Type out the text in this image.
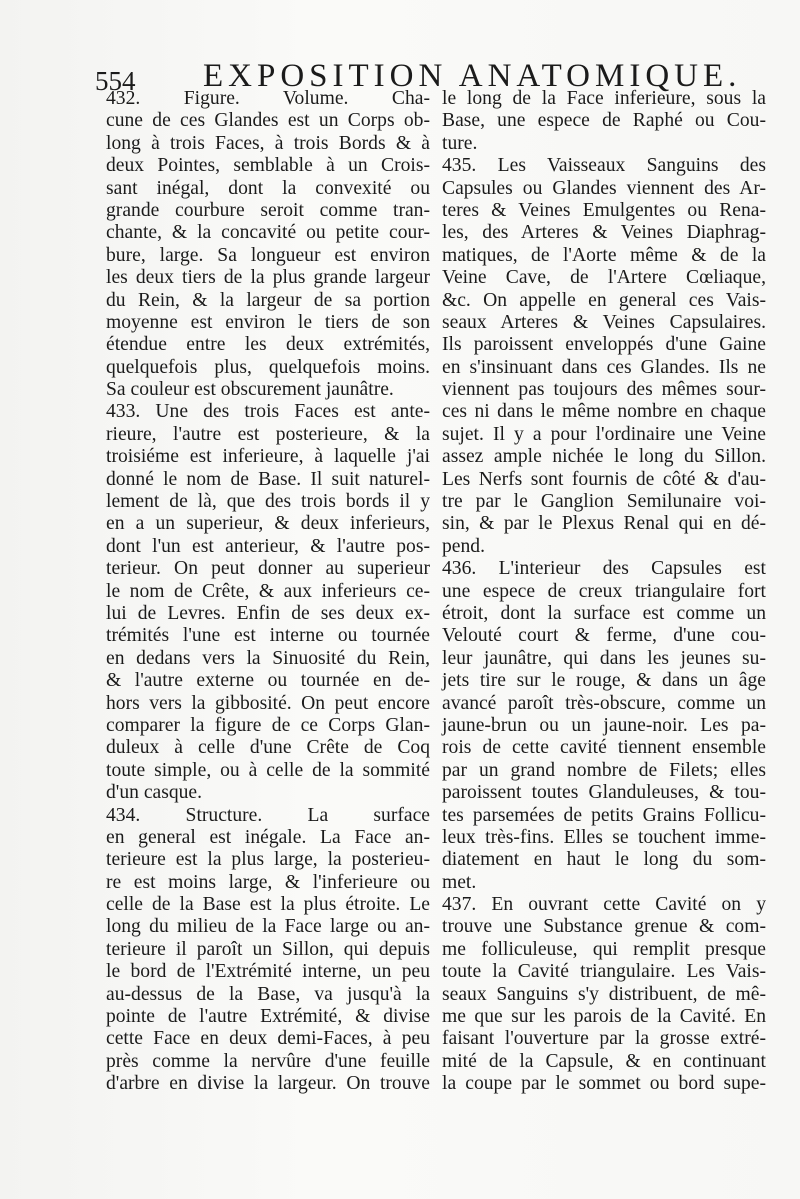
554 EXPOSITION ANATOMIQUE.
432. Figure. Volume. Cha-
cune de ces Glandes est un Corps ob-
long à trois Faces, à trois Bords & à
deux Pointes, semblable à un Crois-
sant inégal, dont la convexité ou
grande courbure seroit comme tran-
chante, & la concavité ou petite cour-
bure, large. Sa longueur est environ
les deux tiers de la plus grande largeur
du Rein, & la largeur de sa portion
moyenne est environ le tiers de son
étendue entre les deux extrémités,
quelquefois plus, quelquefois moins.
Sa couleur est obscurement jaunâtre.
433. Une des trois Faces est ante-
rieure, l'autre est posterieure, & la
troisiéme est inferieure, à laquelle j'ai
donné le nom de Base. Il suit naturel-
lement de là, que des trois bords il y
en a un superieur, & deux inferieurs,
dont l'un est anterieur, & l'autre pos-
terieur. On peut donner au superieur
le nom de Crête, & aux inferieurs ce-
lui de Levres. Enfin de ses deux ex-
trémités l'une est interne ou tournée
en dedans vers la Sinuosité du Rein,
& l'autre externe ou tournée en de-
hors vers la gibbosité. On peut encore
comparer la figure de ce Corps Glan-
duleux à celle d'une Crête de Coq
toute simple, ou à celle de la sommité
d'un casque.
434. Structure. La surface
en general est inégale. La Face an-
terieure est la plus large, la posterieu-
re est moins large, & l'inferieure ou
celle de la Base est la plus étroite. Le
long du milieu de la Face large ou an-
terieure il paroît un Sillon, qui depuis
le bord de l'Extrémité interne, un peu
au-dessus de la Base, va jusqu'à la
pointe de l'autre Extrémité, & divise
cette Face en deux demi-Faces, à peu
près comme la nervûre d'une feuille
d'arbre en divise la largeur. On trouve
le long de la Face inferieure, sous la
Base, une espece de Raphé ou Cou-
ture.
435. Les Vaisseaux Sanguins des
Capsules ou Glandes viennent des Ar-
teres & Veines Emulgentes ou Rena-
les, des Arteres & Veines Diaphrag-
matiques, de l'Aorte même & de la
Veine Cave, de l'Artere Cœliaque,
&c. On appelle en general ces Vais-
seaux Arteres & Veines Capsulaires.
Ils paroissent enveloppés d'une Gaine
en s'insinuant dans ces Glandes. Ils ne
viennent pas toujours des mêmes sour-
ces ni dans le même nombre en chaque
sujet. Il y a pour l'ordinaire une Veine
assez ample nichée le long du Sillon.
Les Nerfs sont fournis de côté & d'au-
tre par le Ganglion Semilunaire voi-
sin, & par le Plexus Renal qui en dé-
pend.
436. L'interieur des Capsules est
une espece de creux triangulaire fort
étroit, dont la surface est comme un
Velouté court & ferme, d'une cou-
leur jaunâtre, qui dans les jeunes su-
jets tire sur le rouge, & dans un âge
avancé paroît très-obscure, comme un
jaune-brun ou un jaune-noir. Les pa-
rois de cette cavité tiennent ensemble
par un grand nombre de Filets; elles
paroissent toutes Glanduleuses, & tou-
tes parsemées de petits Grains Follicu-
leux très-fins. Elles se touchent imme-
diatement en haut le long du som-
met.
437. En ouvrant cette Cavité on y
trouve une Substance grenue & com-
me folliculeuse, qui remplit presque
toute la Cavité triangulaire. Les Vais-
seaux Sanguins s'y distribuent, de mê-
me que sur les parois de la Cavité. En
faisant l'ouverture par la grosse extré-
mité de la Capsule, & en continuant
la coupe par le sommet ou bord supe-
